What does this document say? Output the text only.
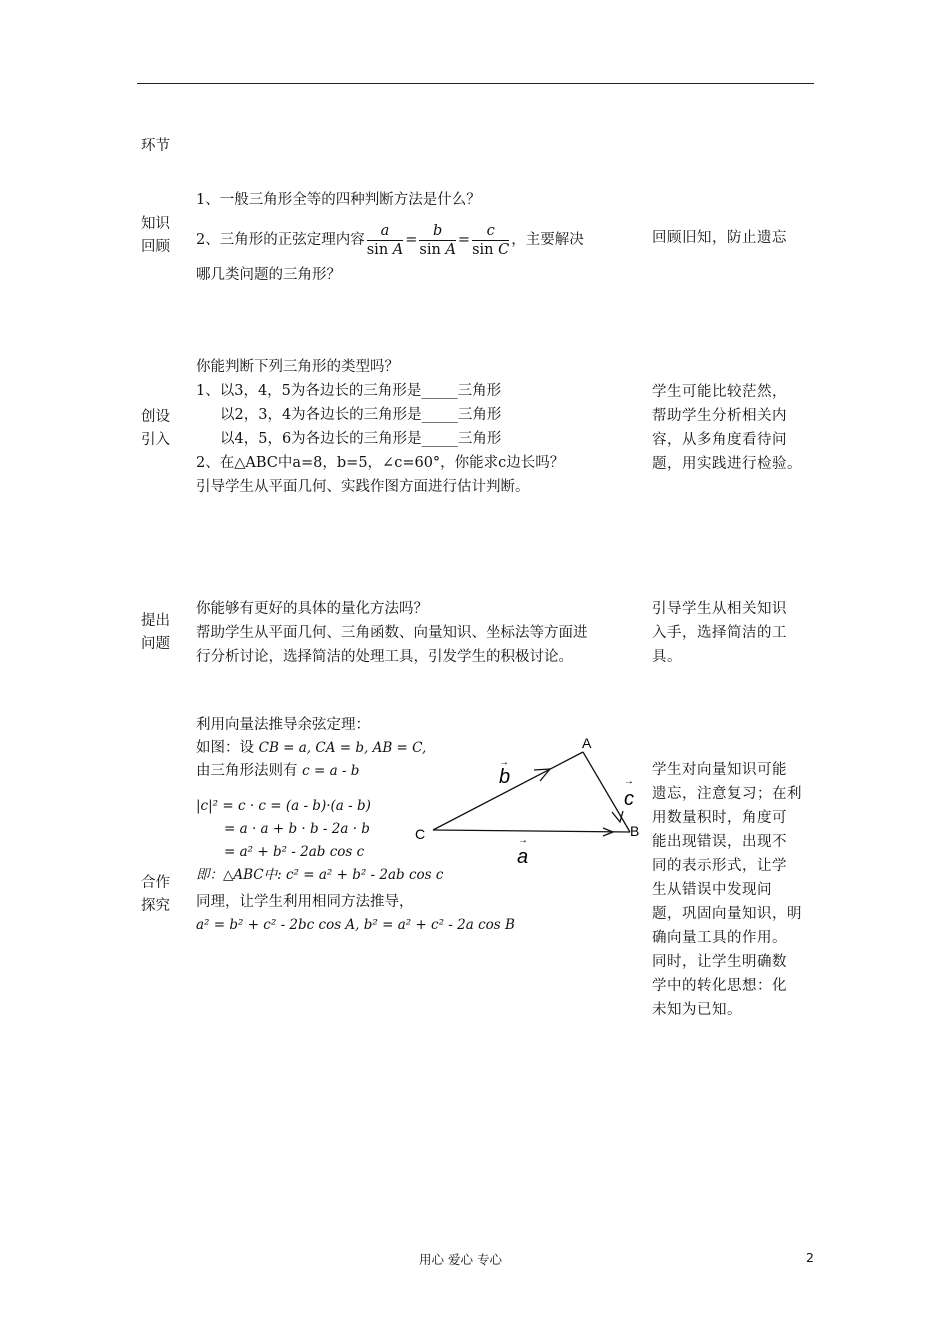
环节
知识
回顾
1、一般三角形全等的四种判断方法是什么？
2、三角形的正弦定理内容 $\frac{a}{\text{sin A}} = \frac{b}{\text{sin A}} = \frac{c}{\text{sin C}}$ ，主要解决
哪几类问题的三角形？
回顾旧知，防止遗忘
创设
引入
你能判断下列三角形的类型吗？
1、以3，4，5为各边长的三角形是_____三角形
以2，3，4为各边长的三角形是_____三角形
以4，5，6为各边长的三角形是_____三角形
2、在△ABC中a=8，b=5，∠c=60°，你能求c边长吗？
引导学生从平面几何、实践作图方面进行估计判断。
学生可能比较茫然，
帮助学生分析相关内
容，从多角度看待问
题，用实践进行检验。
提出
问题
你能够有更好的具体的量化方法吗？
帮助学生从平面几何、三角函数、向量知识、坐标法等方面进
行分析讨论，选择简洁的处理工具，引发学生的积极讨论。
引导学生从相关知识
入手，选择简洁的工
具。
合作
探究
利用向量法推导余弦定理：
如图：设 CB = a, CA = b, AB = C,
由三角形法则有 c = a - b
|c|² = c · c = (a - b)·(a - b)
= a · a + b · b - 2a · b
= a² + b² - 2ab cos c
即：△ABC中: c² = a² + b² - 2ab cos c
同理，让学生利用相同方法推导，
a² = b² + c² - 2bc cos A, b² = a² + c² - 2a cos B
A
B
C
→
b	→
c
→
a
学生对向量知识可能
遗忘，注意复习；在利
用数量积时，角度可
能出现错误，出现不
同的表示形式，让学
生从错误中发现问
题，巩固向量知识，明
确向量工具的作用。
同时，让学生明确数
学中的转化思想：化
未知为已知。
用心 爱心 专心	2
